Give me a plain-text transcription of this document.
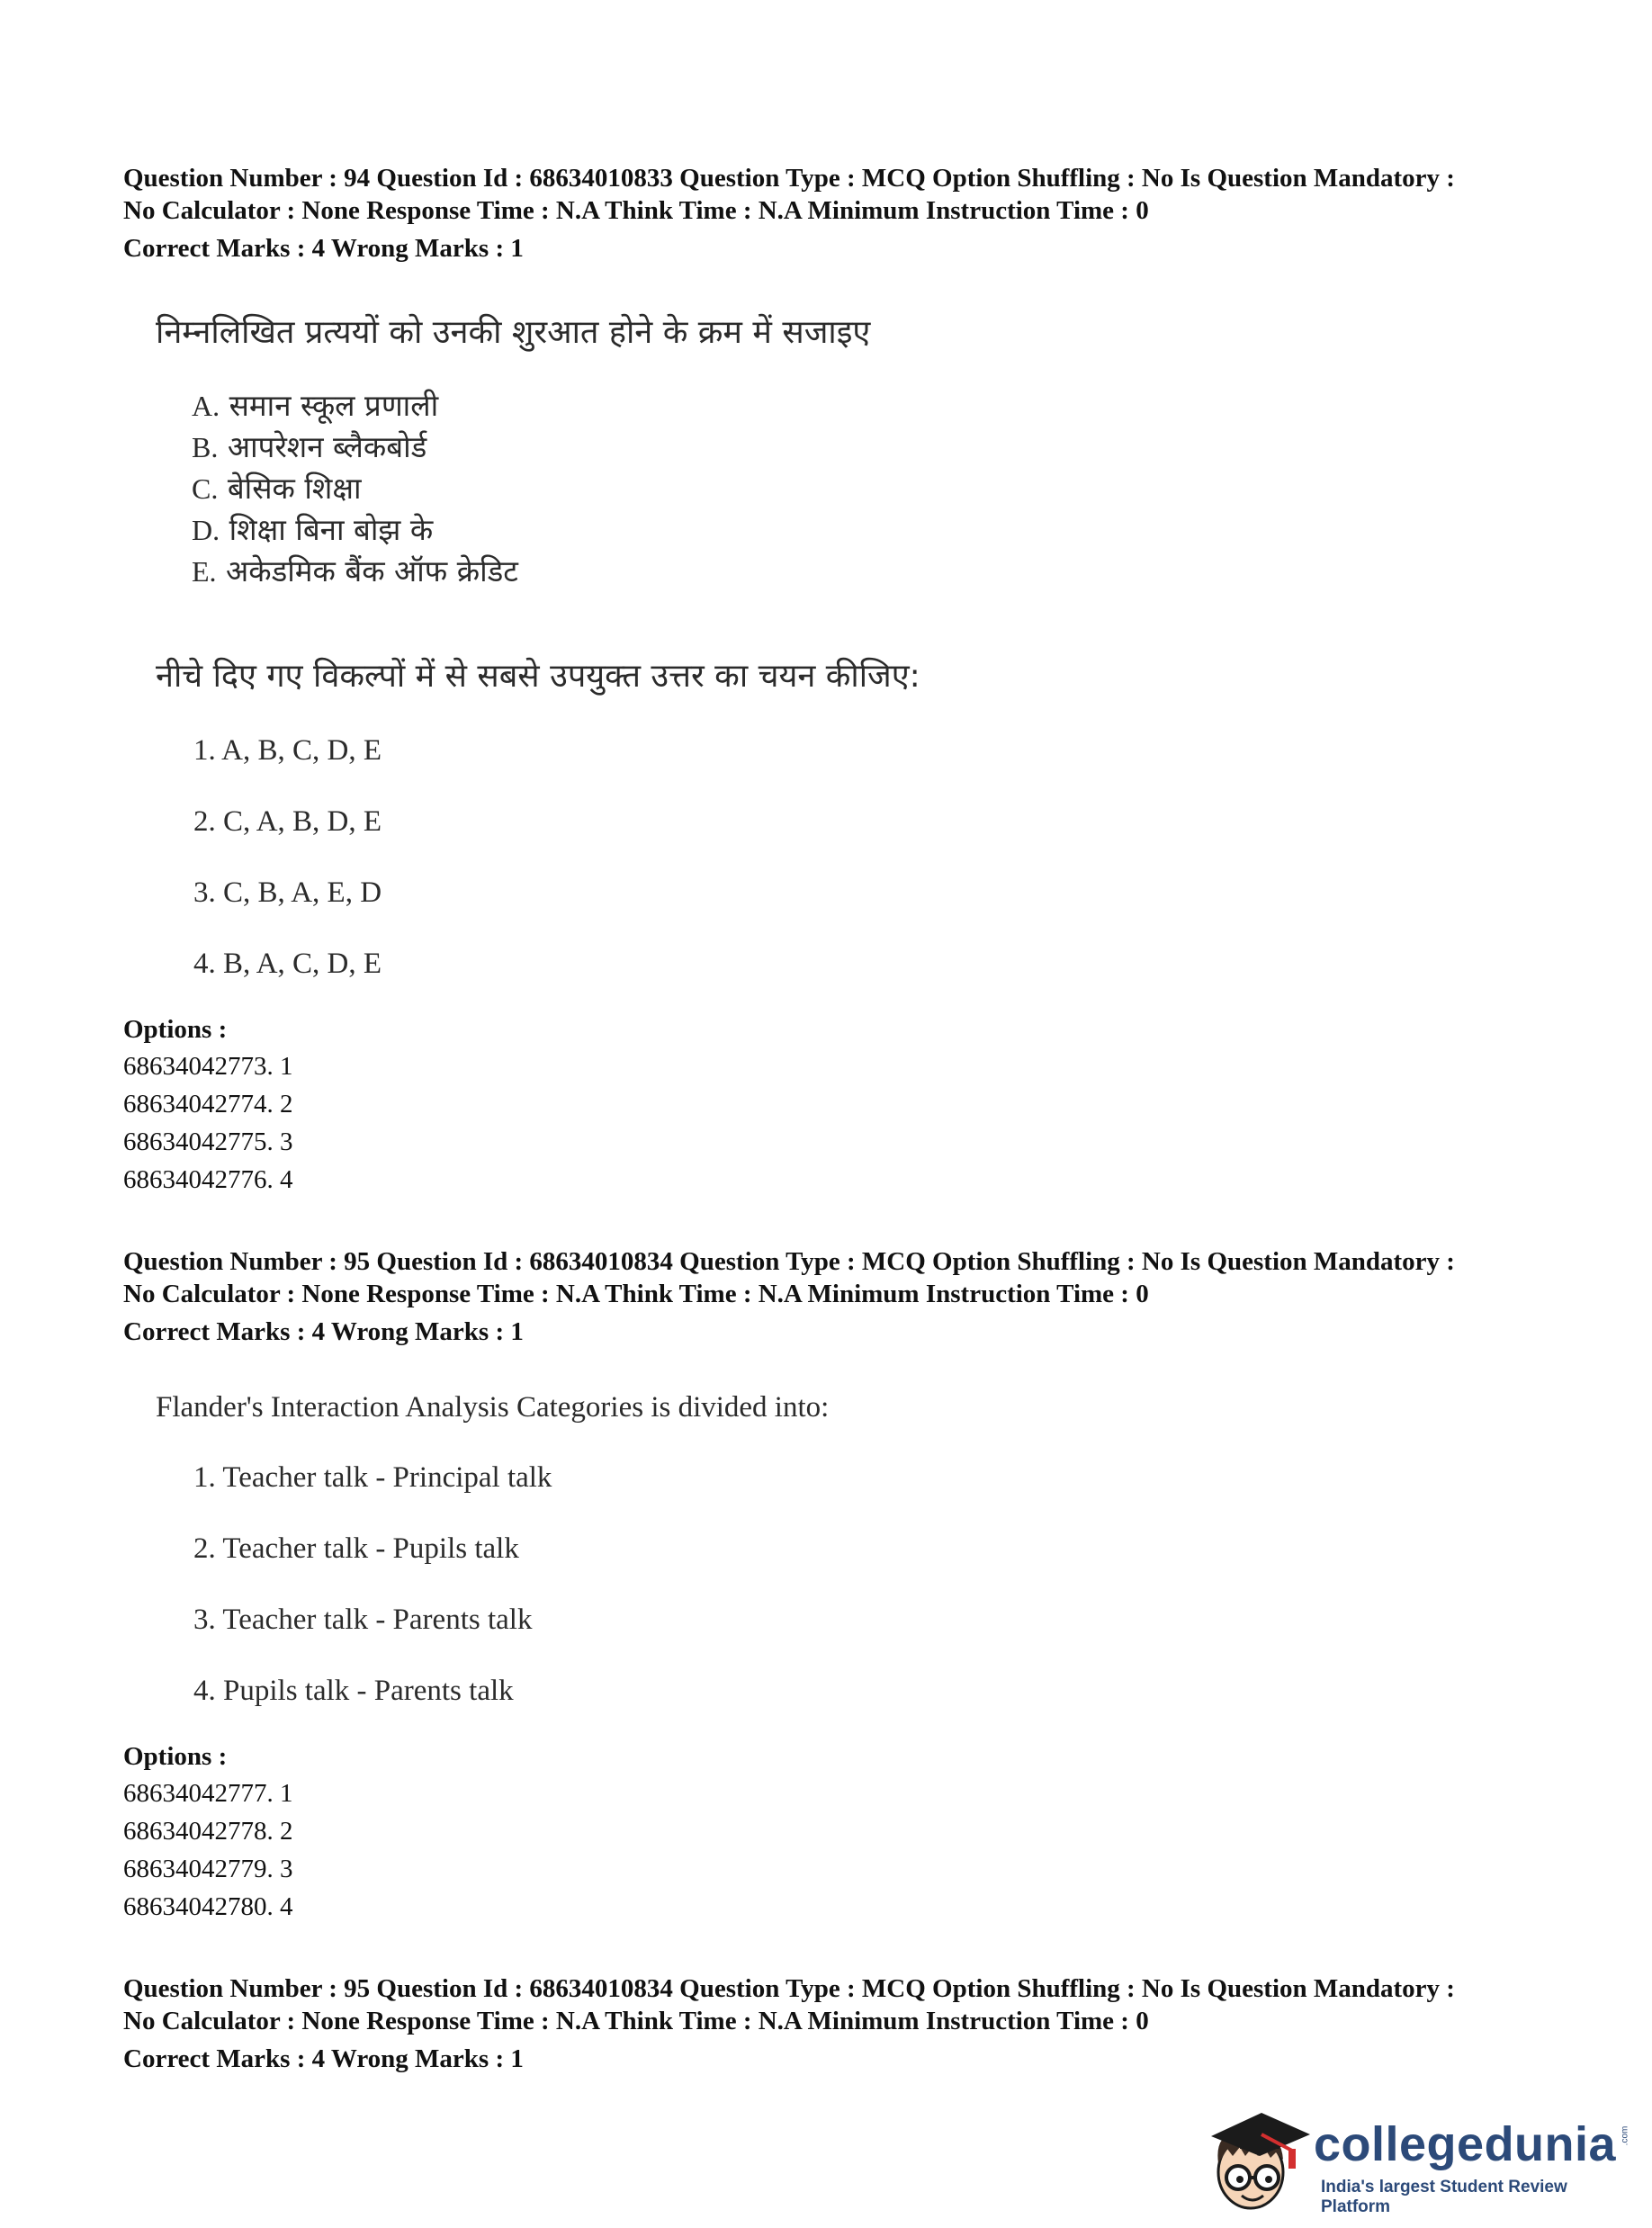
Question Number : 94 Question Id : 68634010833 Question Type : MCQ Option Shuffling : No Is Question Mandatory :

No Calculator : None Response Time : N.A Think Time : N.A Minimum Instruction Time : 0

Correct Marks : 4 Wrong Marks : 1

निम्नलिखित प्रत्ययों को उनकी शुरआत होने के क्रम में सजाइए

A. समान स्कूल प्रणाली
B. आपरेशन ब्लैकबोर्ड
C. बेसिक शिक्षा
D. शिक्षा बिना बोझ के
E. अकेडमिक बैंक ऑफ क्रेडिट

नीचे दिए गए विकल्पों में से सबसे उपयुक्त उत्तर का चयन कीजिए:

1. A, B, C, D, E
2. C, A, B, D, E
3. C, B, A, E, D
4. B, A, C, D, E

Options :

68634042773. 1
68634042774. 2
68634042775. 3
68634042776. 4

Question Number : 95 Question Id : 68634010834 Question Type : MCQ Option Shuffling : No Is Question Mandatory :

No Calculator : None Response Time : N.A Think Time : N.A Minimum Instruction Time : 0

Correct Marks : 4 Wrong Marks : 1

Flander's Interaction Analysis Categories is divided into:

1. Teacher talk - Principal talk
2. Teacher talk - Pupils talk
3. Teacher talk - Parents talk
4. Pupils talk - Parents talk

Options :

68634042777. 1
68634042778. 2
68634042779. 3
68634042780. 4

Question Number : 95 Question Id : 68634010834 Question Type : MCQ Option Shuffling : No Is Question Mandatory :

No Calculator : None Response Time : N.A Think Time : N.A Minimum Instruction Time : 0

Correct Marks : 4 Wrong Marks : 1

collegedunia .com
India's largest Student Review Platform
